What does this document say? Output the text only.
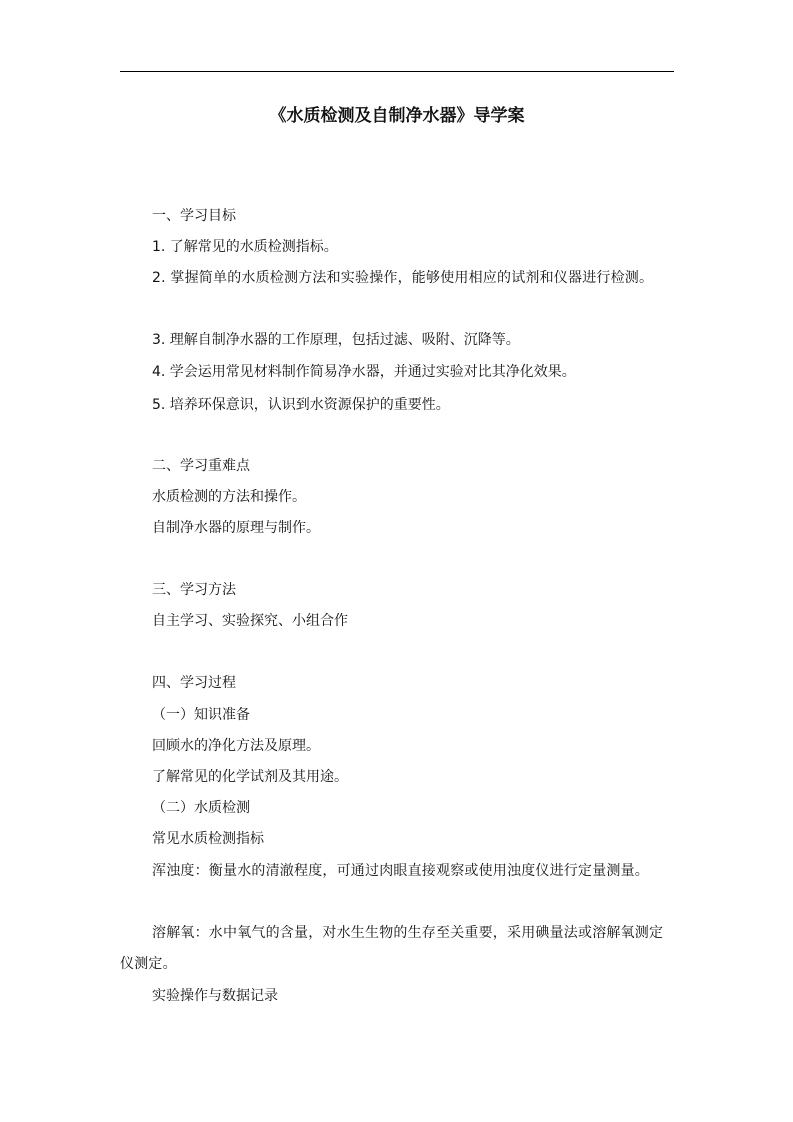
《水质检测及自制净水器》导学案
一、学习目标
1. 了解常见的水质检测指标。
2. 掌握简单的水质检测方法和实验操作，能够使用相应的试剂和仪器进行检测。
3. 理解自制净水器的工作原理，包括过滤、吸附、沉降等。
4. 学会运用常见材料制作简易净水器，并通过实验对比其净化效果。
5. 培养环保意识，认识到水资源保护的重要性。
二、学习重难点
水质检测的方法和操作。
自制净水器的原理与制作。
三、学习方法
自主学习、实验探究、小组合作
四、学习过程
（一）知识准备
回顾水的净化方法及原理。
了解常见的化学试剂及其用途。
（二）水质检测
常见水质检测指标
浑浊度：衡量水的清澈程度，可通过肉眼直接观察或使用浊度仪进行定量测量。
溶解氧：水中氧气的含量，对水生生物的生存至关重要，采用碘量法或溶解氧测定仪测定。
实验操作与数据记录
